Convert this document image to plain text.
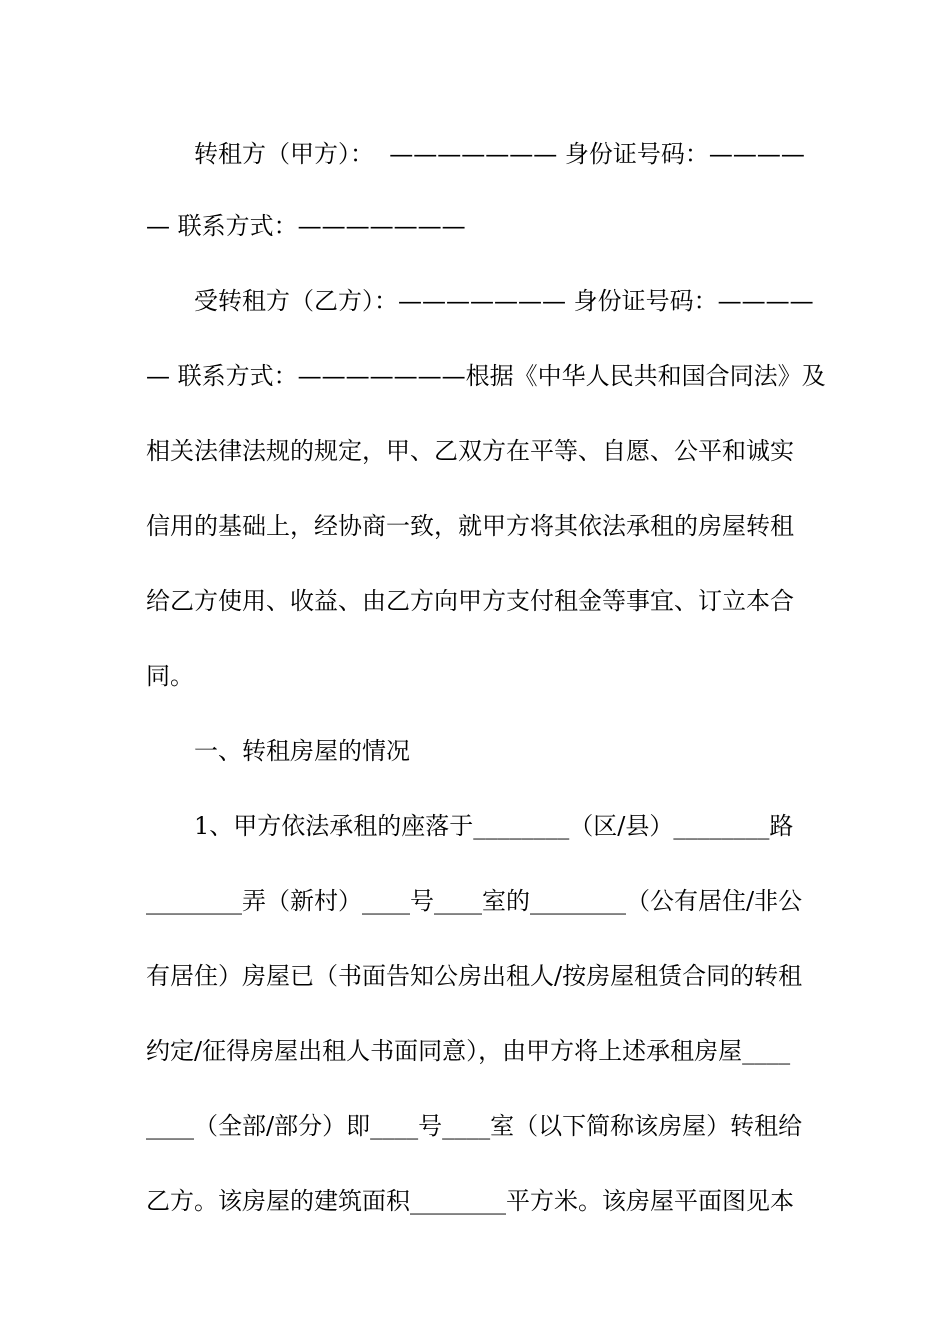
转租方（甲方）：  ——————— 身份证号码：————
— 联系方式：———————
受转租方（乙方）：——————— 身份证号码：————
— 联系方式：———————根据《中华人民共和国合同法》及
相关法律法规的规定，甲、乙双方在平等、自愿、公平和诚实
信用的基础上，经协商一致，就甲方将其依法承租的房屋转租
给乙方使用、收益、由乙方向甲方支付租金等事宜、订立本合
同。
一、转租房屋的情况
1、甲方依法承租的座落于________（区/县）________路
________弄（新村）____号____室的________（公有居住/非公
有居住）房屋已（书面告知公房出租人/按房屋租赁合同的转租
约定/征得房屋出租人书面同意），由甲方将上述承租房屋____
____（全部/部分）即____号____室（以下简称该房屋）转租给
乙方。该房屋的建筑面积________平方米。该房屋平面图见本
